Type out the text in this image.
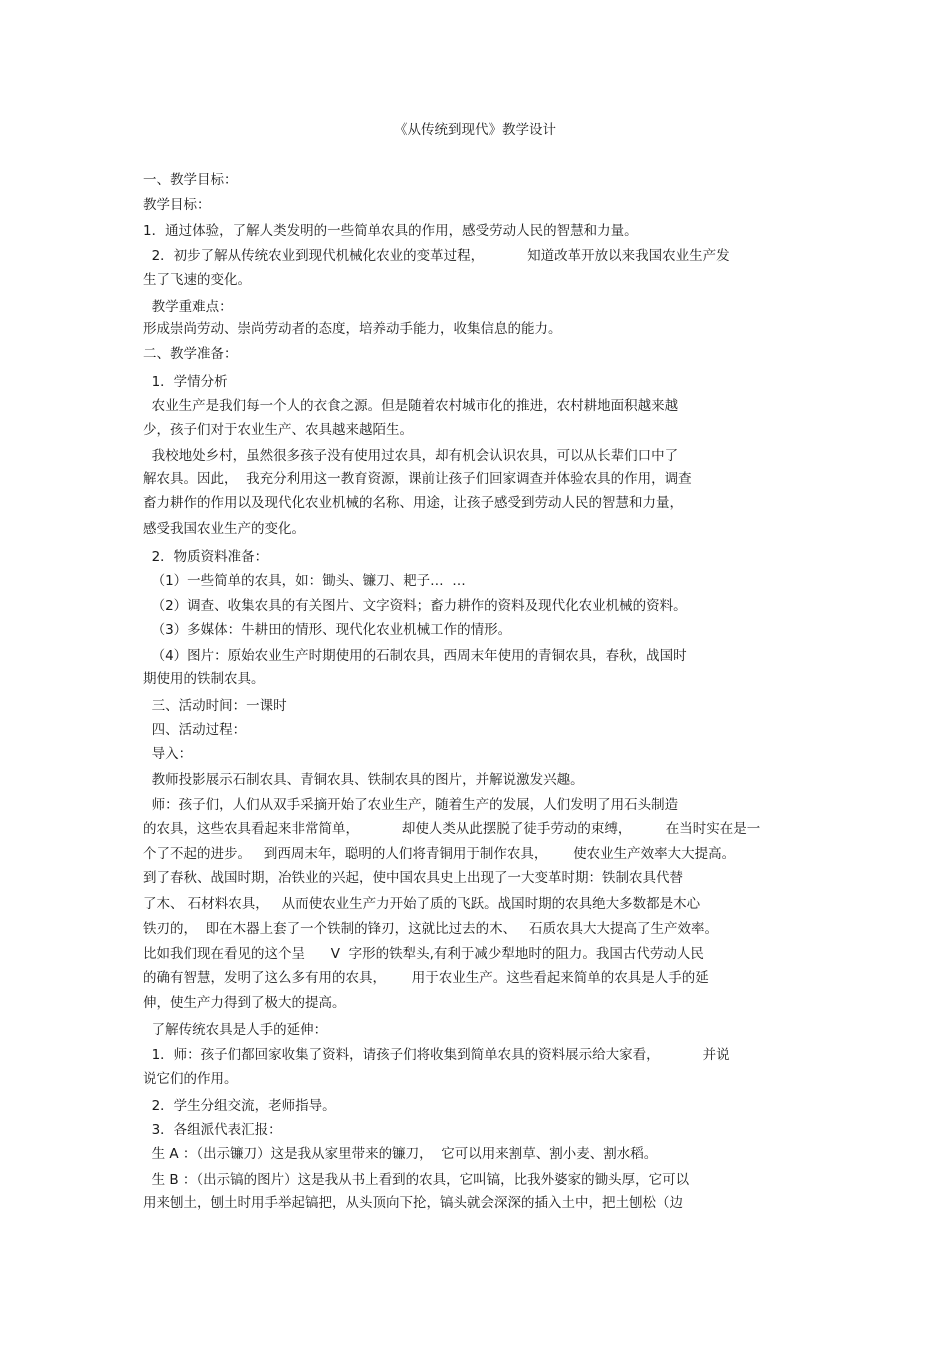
《从传统到现代》教学设计
一、教学目标：
教学目标：
1．通过体验，了解人类发明的一些简单农具的作用，感受劳动人民的智慧和力量。
2．初步了解从传统农业到现代机械化农业的变革过程，          知道改革开放以来我国农业生产发
生了飞速的变化。
教学重难点：
形成崇尚劳动、崇尚劳动者的态度，培养动手能力，收集信息的能力。
二、教学准备：
1．学情分析
农业生产是我们每一个人的衣食之源。但是随着农村城市化的推进，农村耕地面积越来越
少，孩子们对于农业生产、农具越来越陌生。
我校地处乡村，虽然很多孩子没有使用过农具，却有机会认识农具，可以从长辈们口中了
解农具。因此，  我充分利用这一教育资源，课前让孩子们回家调查并体验农具的作用，调查
畜力耕作的作用以及现代化农业机械的名称、用途，让孩子感受到劳动人民的智慧和力量，
感受我国农业生产的变化。
2．物质资料准备：
（1）一些简单的农具，如：锄头、镰刀、耙子…  …
（2）调查、收集农具的有关图片、文字资料；畜力耕作的资料及现代化农业机械的资料。
（3）多媒体：牛耕田的情形、现代化农业机械工作的情形。
（4）图片：原始农业生产时期使用的石制农具，西周末年使用的青铜农具，春秋，战国时
期使用的铁制农具。
三、活动时间：一课时
四、活动过程：
导入：
教师投影展示石制农具、青铜农具、铁制农具的图片，并解说激发兴趣。
师：孩子们，人们从双手采摘开始了农业生产，随着生产的发展，人们发明了用石头制造
的农具，这些农具看起来非常简单，          却使人类从此摆脱了徒手劳动的束缚，        在当时实在是一
个了不起的进步。   到西周末年，聪明的人们将青铜用于制作农具，      使农业生产效率大大提高。
到了春秋、战国时期，冶铁业的兴起，使中国农具史上出现了一大变革时期：铁制农具代替
了木、 石材料农具，   从而使农业生产力开始了质的飞跃。战国时期的农具绝大多数都是木心
铁刃的，  即在木器上套了一个铁制的锋刃，这就比过去的木、   石质农具大大提高了生产效率。
比如我们现在看见的这个呈      V  字形的铁犁头,有利于减少犁地时的阻力。我国古代劳动人民
的确有智慧，发明了这么多有用的农具，      用于农业生产。这些看起来简单的农具是人手的延
伸，使生产力得到了极大的提高。
了解传统农具是人手的延伸：
1．师：孩子们都回家收集了资料，请孩子们将收集到简单农具的资料展示给大家看，          并说
说它们的作用。
2．学生分组交流，老师指导。
3．各组派代表汇报：
生 A ：（出示镰刀）这是我从家里带来的镰刀，  它可以用来割草、割小麦、割水稻。
生 B ：（出示镐的图片）这是我从书上看到的农具，它叫镐，比我外婆家的锄头厚，它可以
用来刨土，刨土时用手举起镐把，从头顶向下抡，镐头就会深深的插入土中，把土刨松（边
